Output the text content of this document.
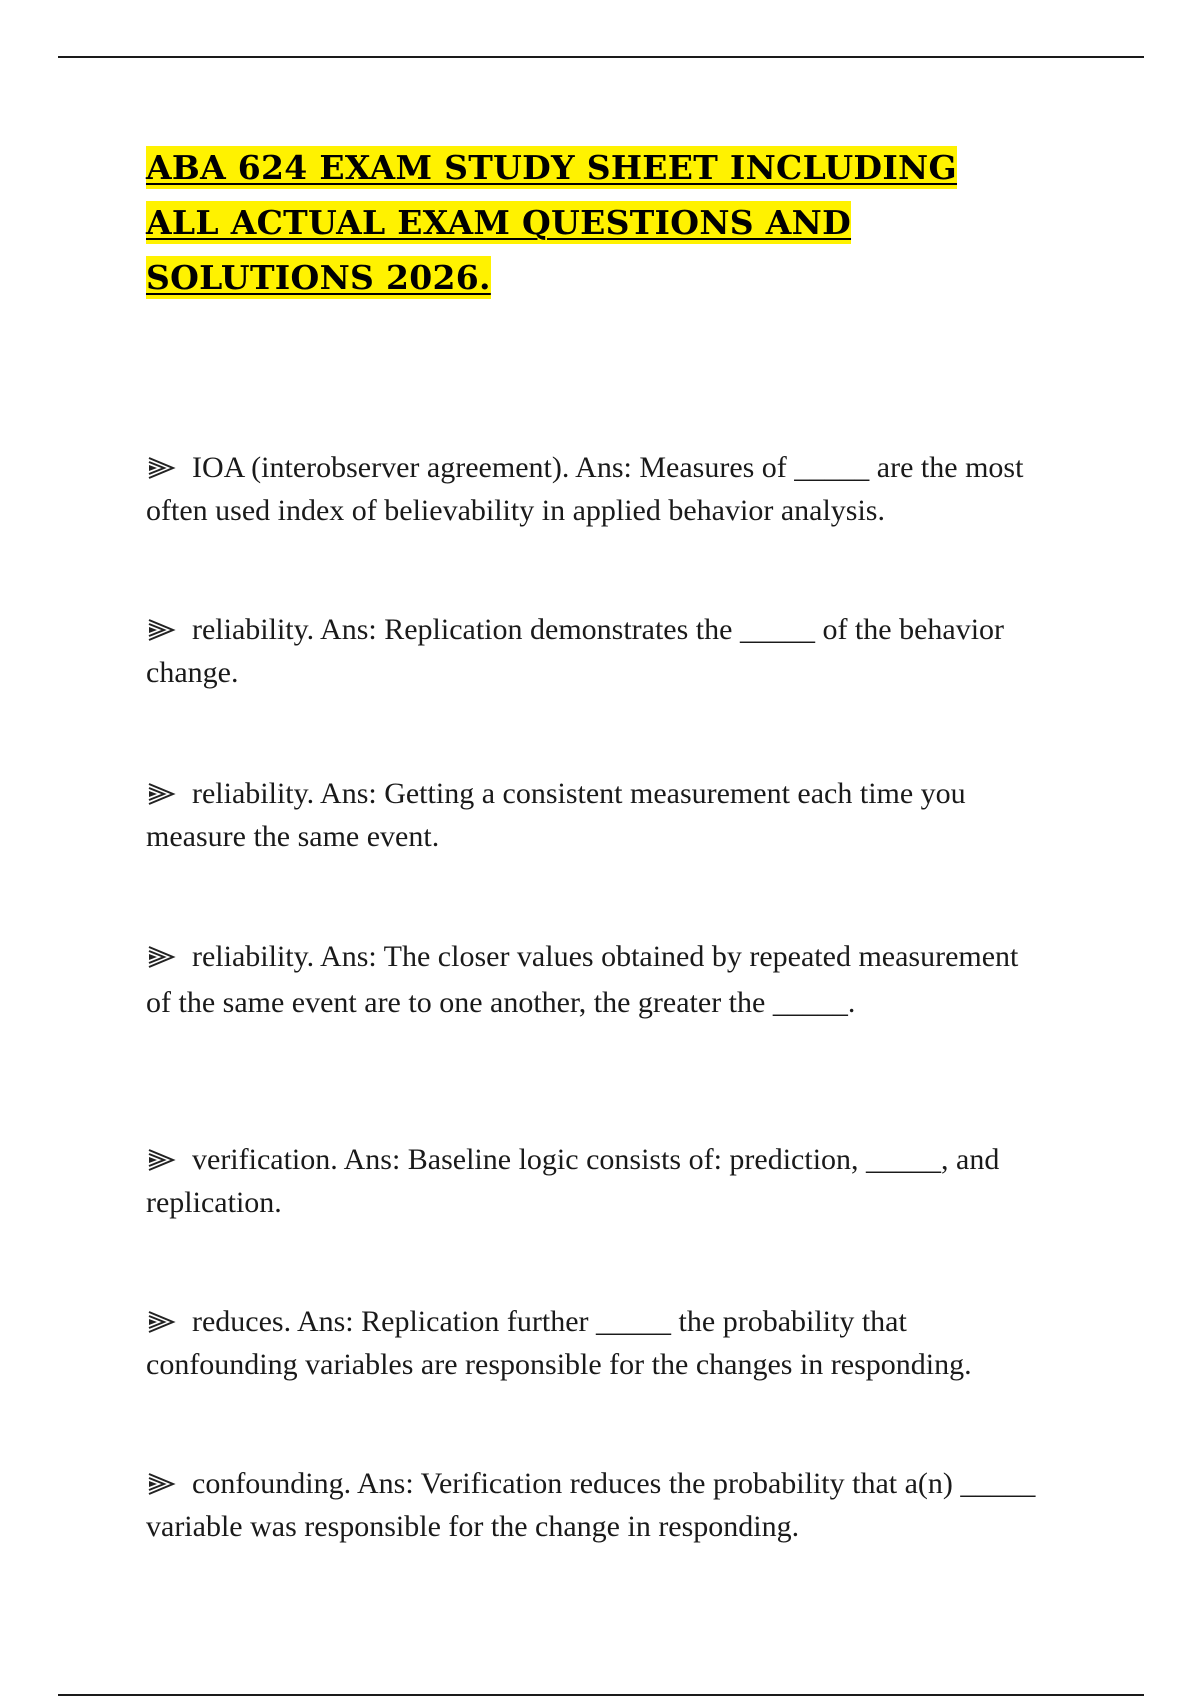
ABA 624 EXAM STUDY SHEET INCLUDING ALL ACTUAL EXAM QUESTIONS AND SOLUTIONS 2026.

IOA (interobserver agreement). Ans: Measures of _____ are the most often used index of believability in applied behavior analysis.

reliability. Ans: Replication demonstrates the _____ of the behavior change.

reliability. Ans: Getting a consistent measurement each time you measure the same event.

reliability. Ans: The closer values obtained by repeated measurement of the same event are to one another, the greater the _____.

verification. Ans: Baseline logic consists of: prediction, _____, and replication.

reduces. Ans: Replication further _____ the probability that confounding variables are responsible for the changes in responding.

confounding. Ans: Verification reduces the probability that a(n) _____ variable was responsible for the change in responding.
